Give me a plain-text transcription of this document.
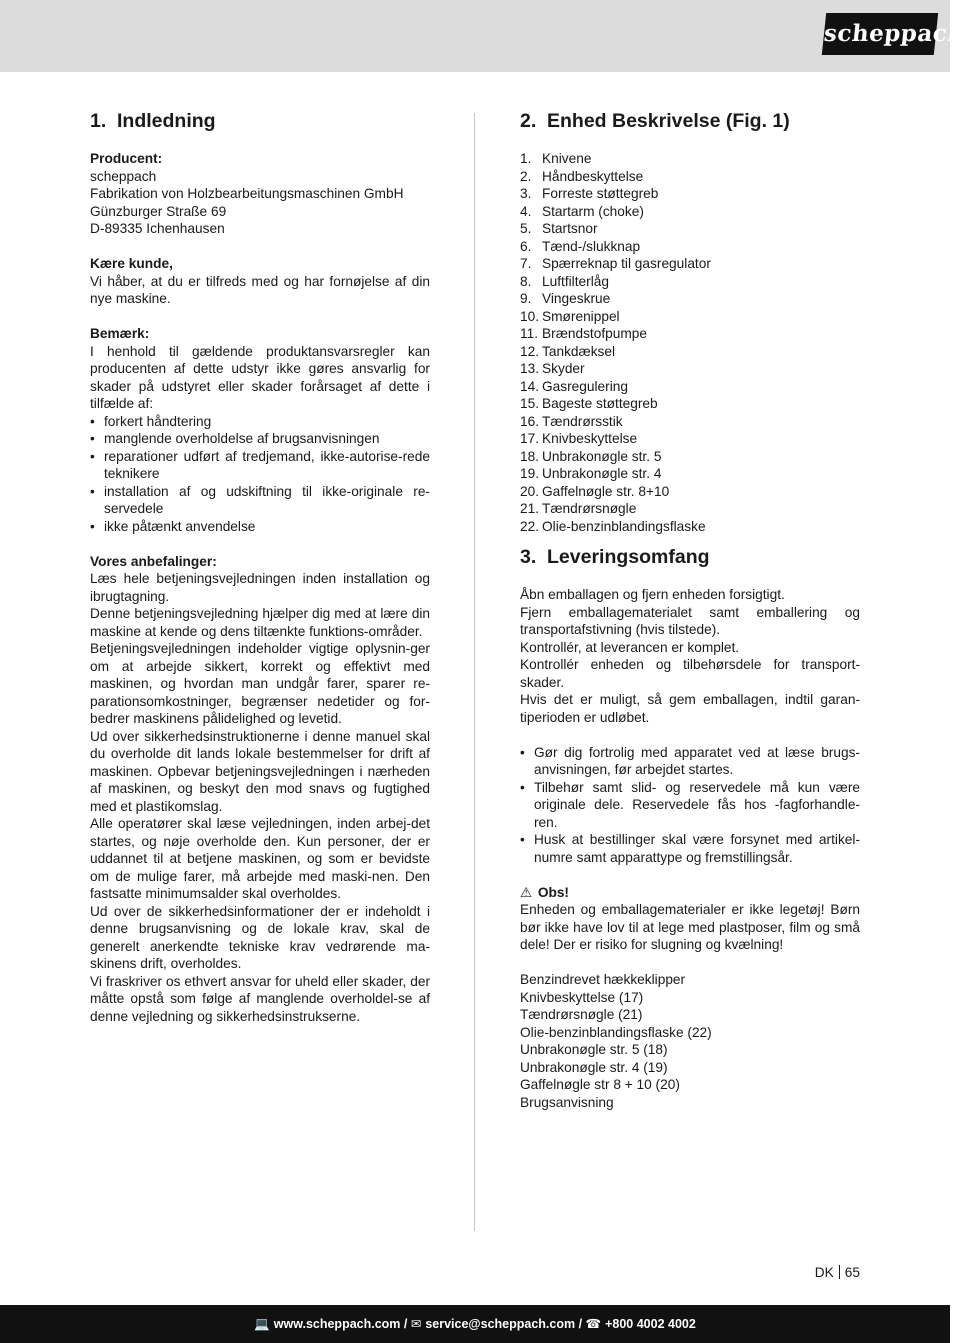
scheppach
1. Indledning

Producent:

scheppach
Fabrikation von Holzbearbeitungsmaschinen GmbH
Günzburger Straße 69
D-89335 Ichenhausen

Kære kunde,

Vi håber, at du er tilfreds med og har fornøjelse af din nye maskine.

Bemærk:

I henhold til gældende produktansvarsregler kan producenten af dette udstyr ikke gøres ansvarlig for skader på udstyret eller skader forårsaget af dette i tilfælde af:

• forkert håndtering
• manglende overholdelse af brugsanvisningen
• reparationer udført af tredjemand, ikke-autorise-rede teknikere
• installation af og udskiftning til ikke-originale re-servedele
• ikke påtænkt anvendelse

Vores anbefalinger:

Læs hele betjeningsvejledningen inden installation og ibrugtagning.

Denne betjeningsvejledning hjælper dig med at lære din maskine at kende og dens tiltænkte funktions-områder.

Betjeningsvejledningen indeholder vigtige oplysnin-ger om at arbejde sikkert, korrekt og effektivt med maskinen, og hvordan man undgår farer, sparer re-parationsomkostninger, begrænser nedetider og for-bedrer maskinens pålidelighed og levetid.

Ud over sikkerhedsinstruktionerne i denne manuel skal du overholde dit lands lokale bestemmelser for drift af maskinen. Opbevar betjeningsvejledningen i nærheden af maskinen, og beskyt den mod snavs og fugtighed med et plastikomslag.

Alle operatører skal læse vejledningen, inden arbej-det startes, og nøje overholde den. Kun personer, der er uddannet til at betjene maskinen, og som er bevidste om de mulige farer, må arbejde med maski-nen. Den fastsatte minimumsalder skal overholdes.

Ud over de sikkerhedsinformationer der er indeholdt i denne brugsanvisning og de lokale krav, skal de generelt anerkendte tekniske krav vedrørende ma-skinens drift, overholdes.

Vi fraskriver os ethvert ansvar for uheld eller skader, der måtte opstå som følge af manglende overholdel-se af denne vejledning og sikkerhedsinstrukserne.

2. Enhed Beskrivelse (Fig. 1)
1. Knivene
2. Håndbeskyttelse
3. Forreste støttegreb
4. Startarm (choke)
5. Startsnor
6. Tænd-/slukknap
7. Spærreknap til gasregulator
8. Luftfilterlåg
9. Vingeskrue
10. Smørenippel
11. Brændstofpumpe
12. Tankdæksel
13. Skyder
14. Gasregulering
15. Bageste støttegreb
16. Tændrørsstik
17. Knivbeskyttelse
18. Unbrakonøgle str. 5
19. Unbrakonøgle str. 4
20. Gaffelnøgle str. 8+10
21. Tændrørsnøgle
22. Olie-benzinblandingsflaske
3. Leveringsomfang

Åbn emballagen og fjern enheden forsigtigt.

Fjern emballagematerialet samt emballering og transportafstivning (hvis tilstede).

Kontrollér, at leverancen er komplet.

Kontrollér enheden og tilbehørsdele for transport-skader.

Hvis det er muligt, så gem emballagen, indtil garan-tiperioden er udløbet.

• Gør dig fortrolig med apparatet ved at læse brugs-anvisningen, før arbejdet startes.
• Tilbehør samt slid- og reservedele må kun være originale dele. Reservedele fås hos -fagforhandle-ren.
• Husk at bestillinger skal være forsynet med artikel-numre samt apparattype og fremstillingsår.

⚠ Obs!

Enheden og emballagematerialer er ikke legetøj! Børn bør ikke have lov til at lege med plastposer, film og små dele! Der er risiko for slugning og kvælning!

Benzindrevet hækkeklipper
Knivbeskyttelse (17)
Tændrørsnøgle (21)
Olie-benzinblandingsflaske (22)
Unbrakonøgle str. 5 (18)
Unbrakonøgle str. 4 (19)
Gaffelnøgle str 8 + 10 (20)
Brugsanvisning
DK 65
💻 www.scheppach.com / ✉ service@scheppach.com / ☎ +800 4002 4002
